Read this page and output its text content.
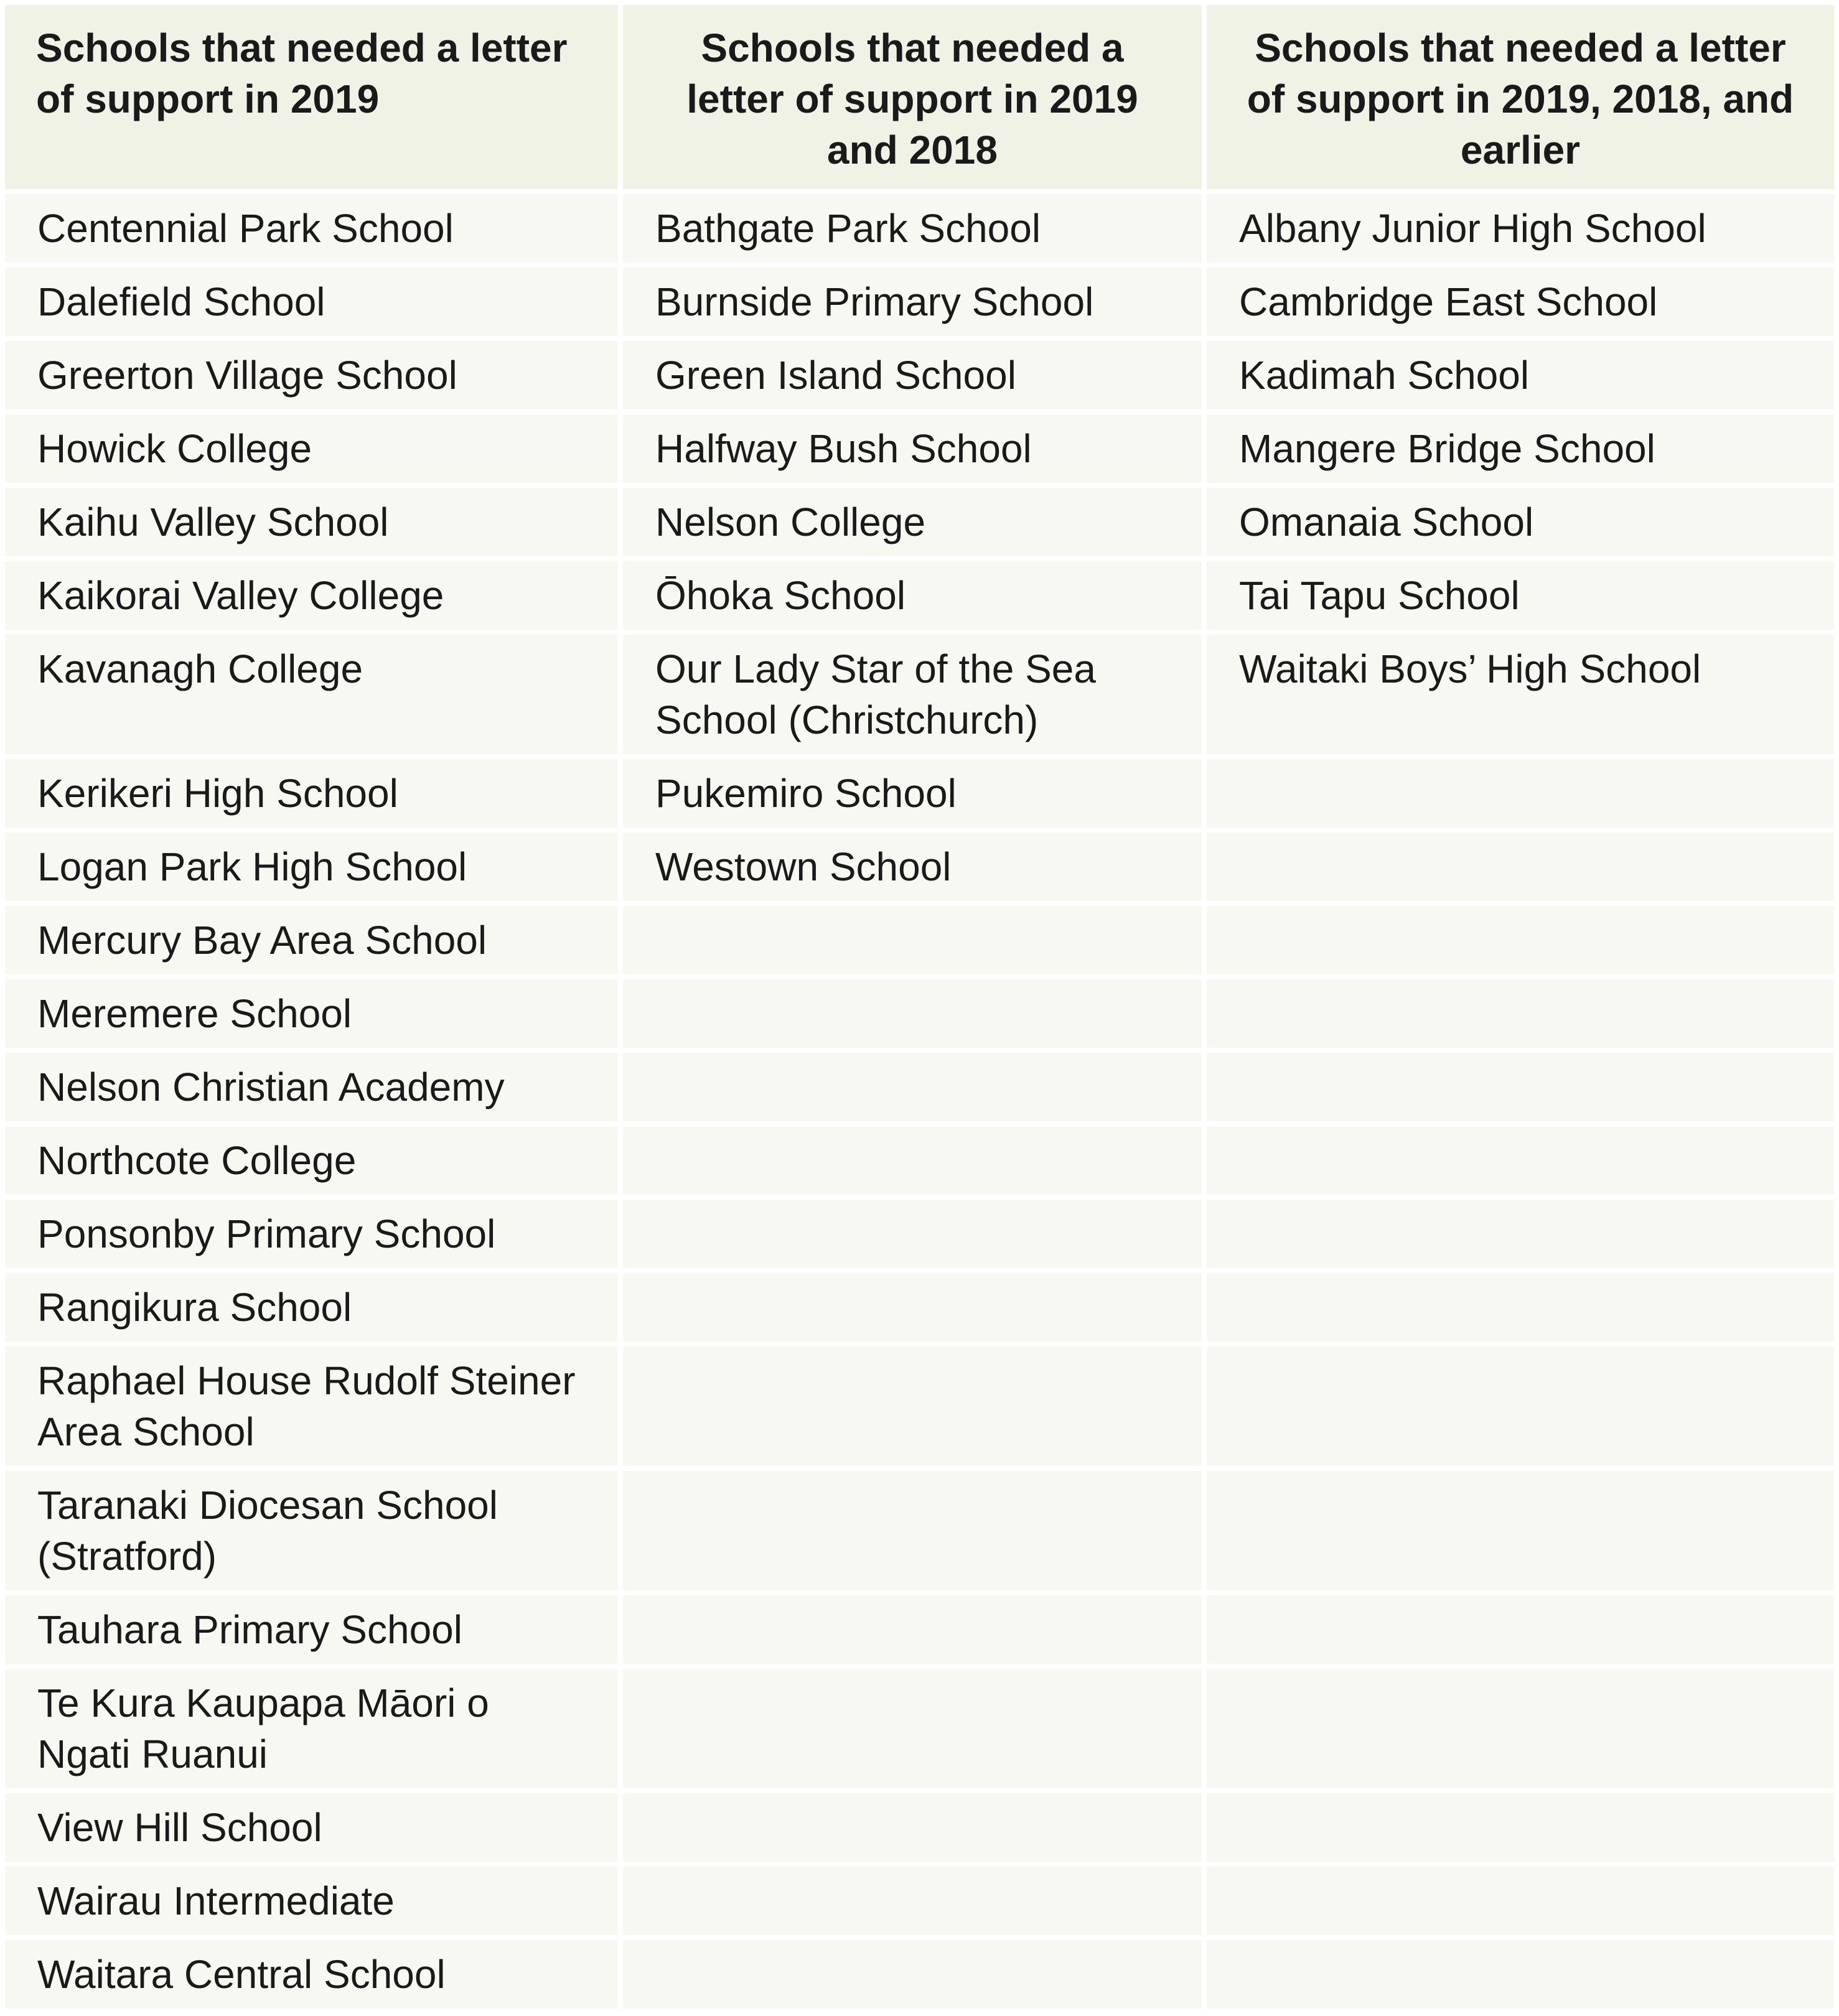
Schools that needed a letter of support in 2019	Schools that needed a letter of support in 2019 and 2018	Schools that needed a letter of support in 2019, 2018, and earlier
Centennial Park School	Bathgate Park School	Albany Junior High School
Dalefield School	Burnside Primary School	Cambridge East School
Greerton Village School	Green Island School	Kadimah School
Howick College	Halfway Bush School	Mangere Bridge School
Kaihu Valley School	Nelson College	Omanaia School
Kaikorai Valley College	Ōhoka School	Tai Tapu School
Kavanagh College	Our Lady Star of the Sea School (Christchurch)	Waitaki Boys’ High School
Kerikeri High School	Pukemiro School	
Logan Park High School	Westown School	
Mercury Bay Area School		
Meremere School		
Nelson Christian Academy		
Northcote College		
Ponsonby Primary School		
Rangikura School		
Raphael House Rudolf Steiner Area School		
Taranaki Diocesan School (Stratford)		
Tauhara Primary School		
Te Kura Kaupapa Māori o Ngati Ruanui		
View Hill School		
Wairau Intermediate		
Waitara Central School		
